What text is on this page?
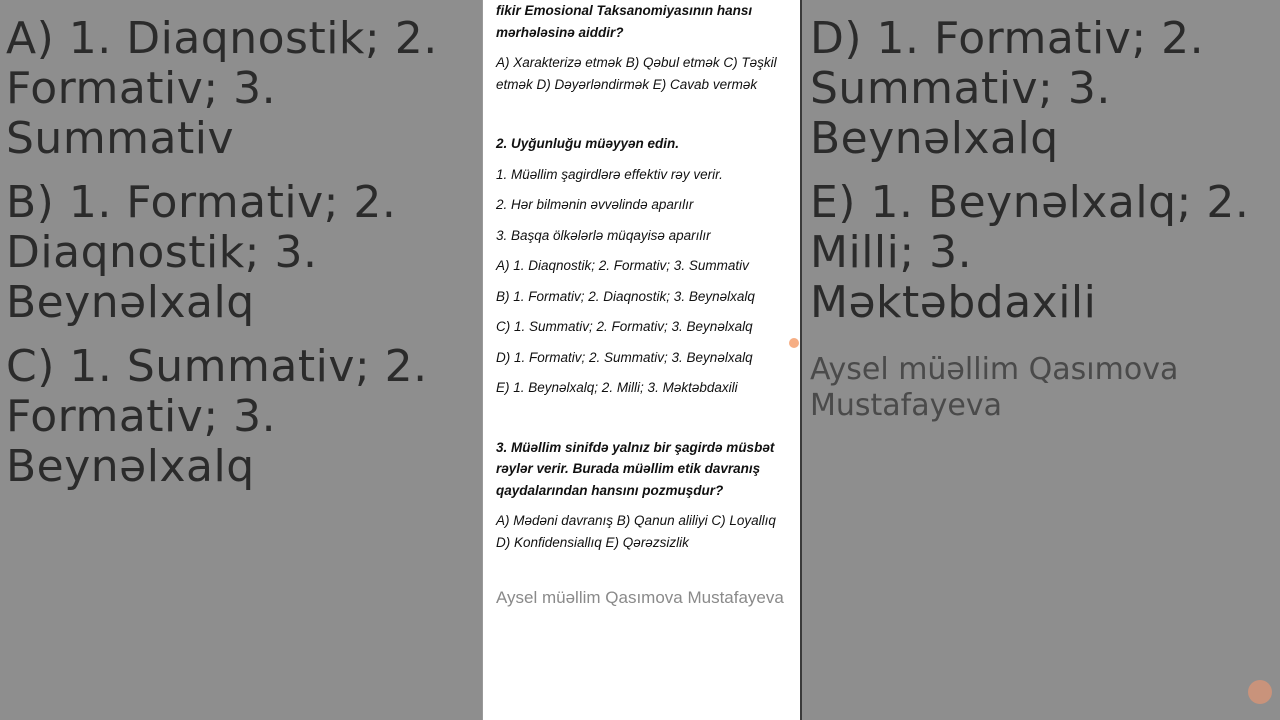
A) 1. Diaqnostik; 2. Formativ; 3. Summativ
B) 1. Formativ; 2. Diaqnostik; 3. Beynəlxalq
C) 1. Summativ; 2. Formativ; 3. Beynəlxalq
D) 1. Formativ; 2. Summativ; 3. Beynəlxalq
E) 1. Beynəlxalq; 2. Milli; 3. Məktəbdaxili
Aysel müəllim Qasımova Mustafayeva
fikir Emosional Taksanomiyasının hansı mərhələsinə aiddir?
A) Xarakterizə etmək B) Qəbul etmək C) Təşkil etmək D) Dəyərləndirmək E) Cavab vermək
2. Uyğunluğu müəyyən edin.
1. Müəllim şagirdlərə effektiv rəy verir.
2. Hər bilmənin əvvəlində aparılır
3. Başqa ölkələrlə müqayisə aparılır
A) 1. Diaqnostik; 2. Formativ; 3. Summativ
B) 1. Formativ; 2. Diaqnostik; 3. Beynəlxalq
C) 1. Summativ; 2. Formativ; 3. Beynəlxalq
D) 1. Formativ; 2. Summativ; 3. Beynəlxalq
E) 1. Beynəlxalq; 2. Milli; 3. Məktəbdaxili
3. Müəllim sinifdə yalnız bir şagirdə müsbət rəylər verir. Burada müəllim etik davranış qaydalarından hansını pozmuşdur?
A) Mədəni davranış B) Qanun aliliyi C) Loyallıq D) Konfidensiallıq E) Qərəzsizlik
Aysel müəllim Qasımova Mustafayeva
